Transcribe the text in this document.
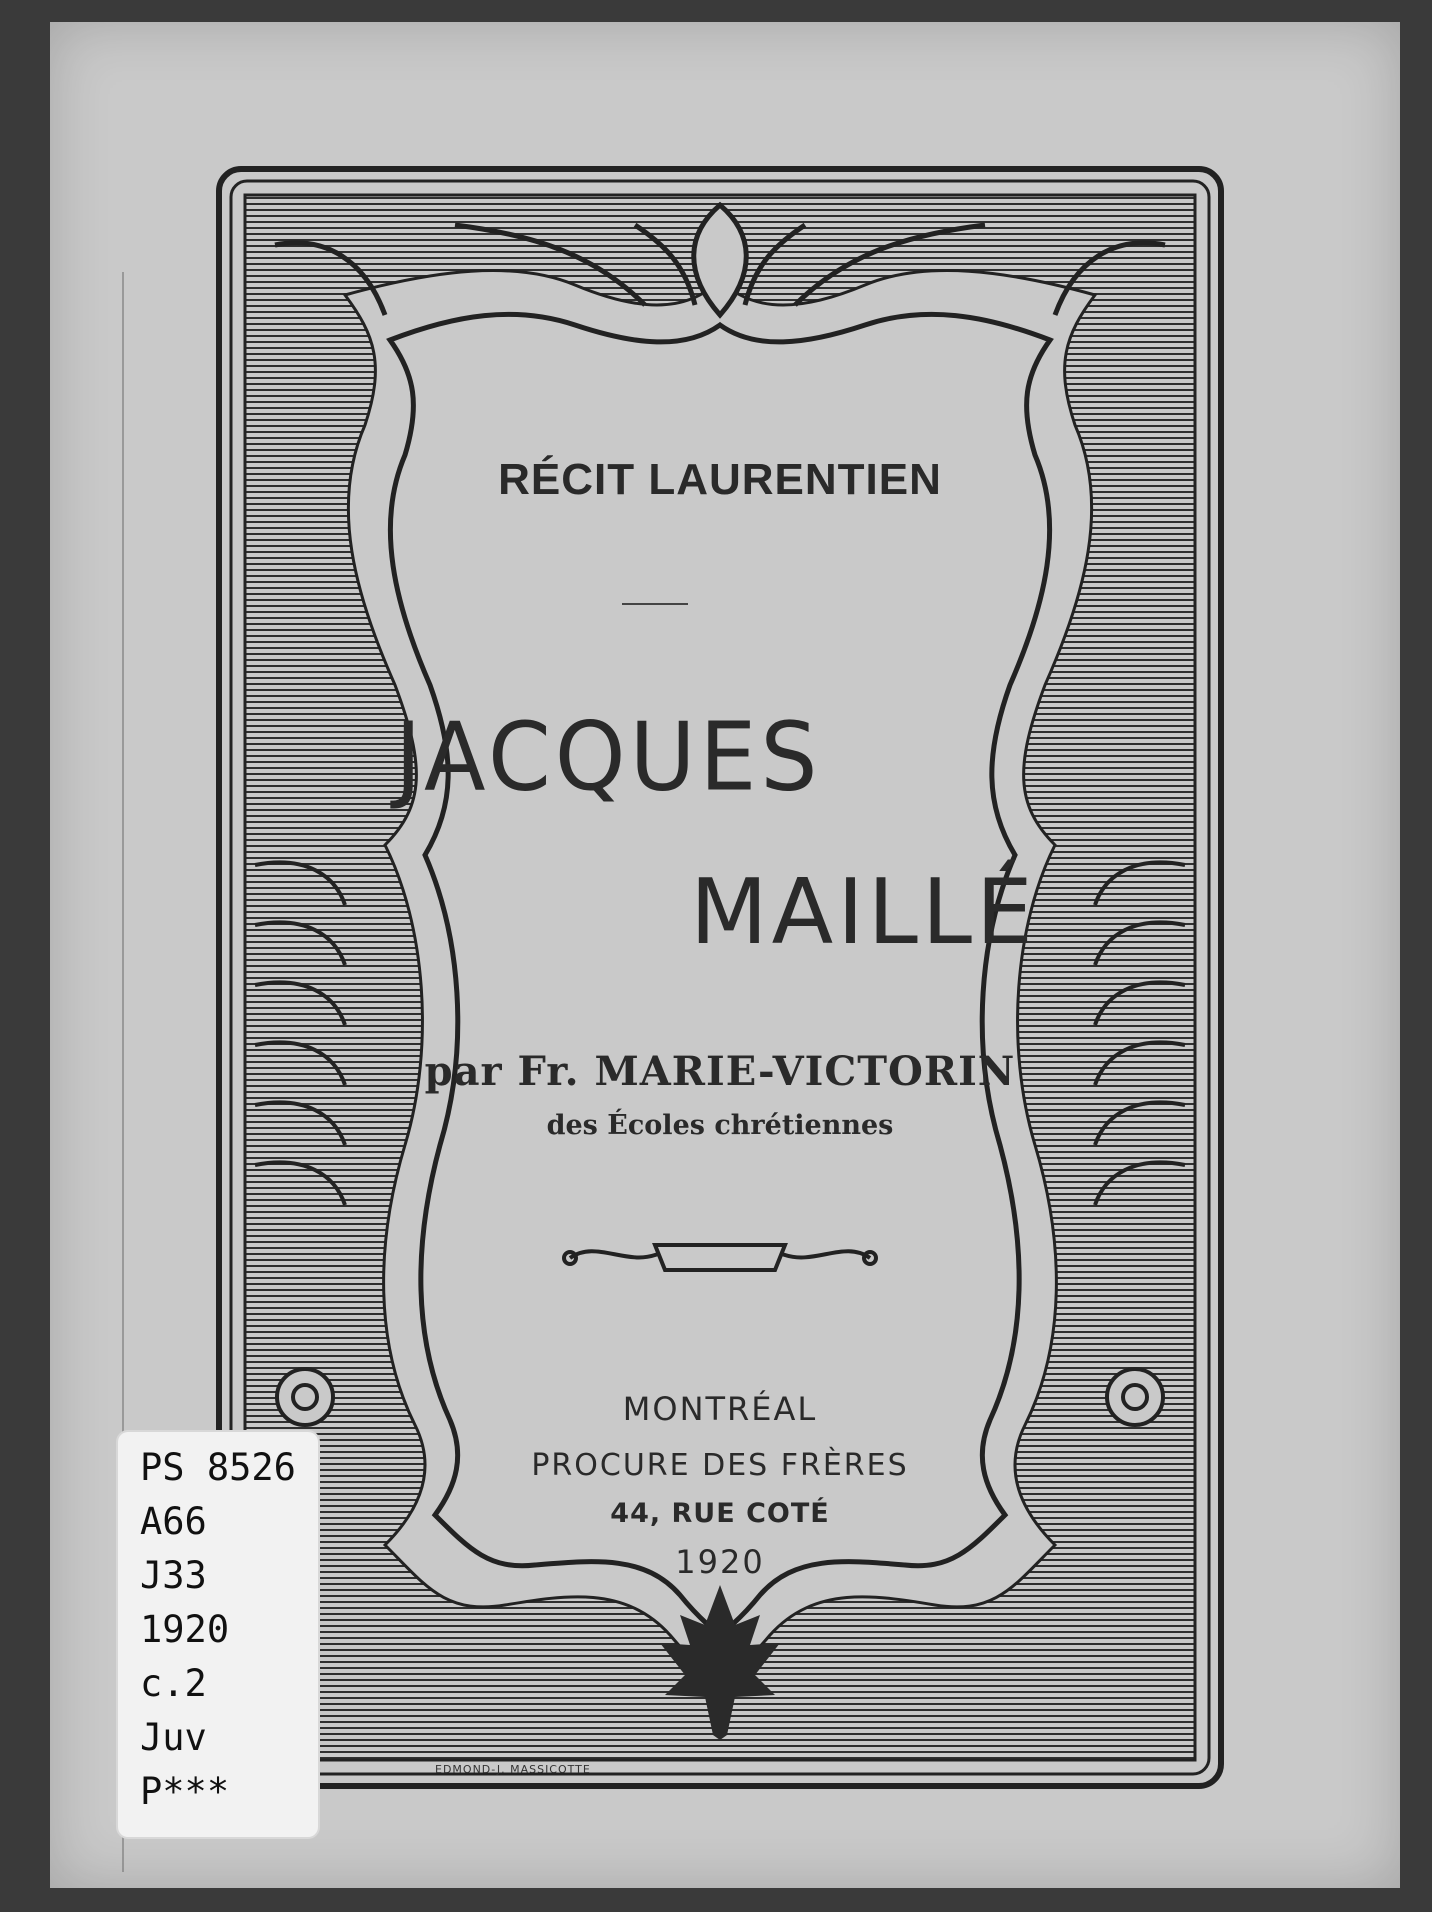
RÉCIT LAURENTIEN

JACQUES

MAILLÉ

par Fr. MARIE-VICTORIN

des Écoles chrétiennes

MONTRÉAL

PROCURE DES FRÈRES

44, RUE COTÉ

1920

EDMOND-J. MASSICOTTE

PS 8526

A66

J33

1920

c.2

Juv

P***
